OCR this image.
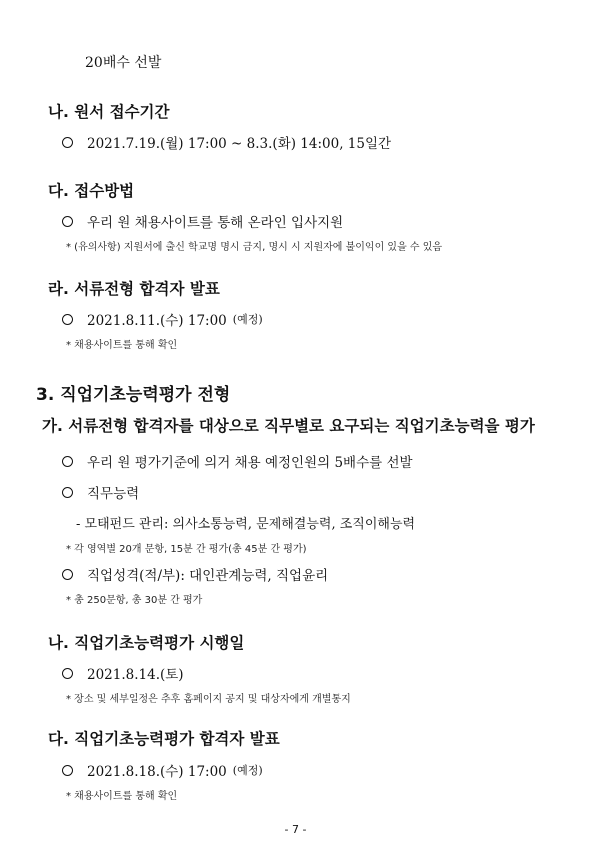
20배수 선발
나. 원서 접수기간
2021.7.19.(월) 17:00 ~ 8.3.(화) 14:00, 15일간
다. 접수방법
우리 원 채용사이트를 통해 온라인 입사지원
* (유의사항) 지원서에 출신 학교명 명시 금지, 명시 시 지원자에 불이익이 있을 수 있음
라. 서류전형 합격자 발표
2021.8.11.(수) 17:00 (예정)
* 채용사이트를 통해 확인
3. 직업기초능력평가 전형
가. 서류전형 합격자를 대상으로 직무별로 요구되는 직업기초능력을 평가
우리 원 평가기준에 의거 채용 예정인원의 5배수를 선발
직무능력
- 모태펀드 관리: 의사소통능력, 문제해결능력, 조직이해능력
* 각 영역별 20개 문항, 15분 간 평가(총 45분 간 평가)
직업성격(적/부): 대인관계능력, 직업윤리
* 총 250문항, 총 30분 간 평가
나. 직업기초능력평가 시행일
2021.8.14.(토)
* 장소 및 세부일정은 추후 홈페이지 공지 및 대상자에게 개별통지
다. 직업기초능력평가 합격자 발표
2021.8.18.(수) 17:00 (예정)
* 채용사이트를 통해 확인
- 7 -
